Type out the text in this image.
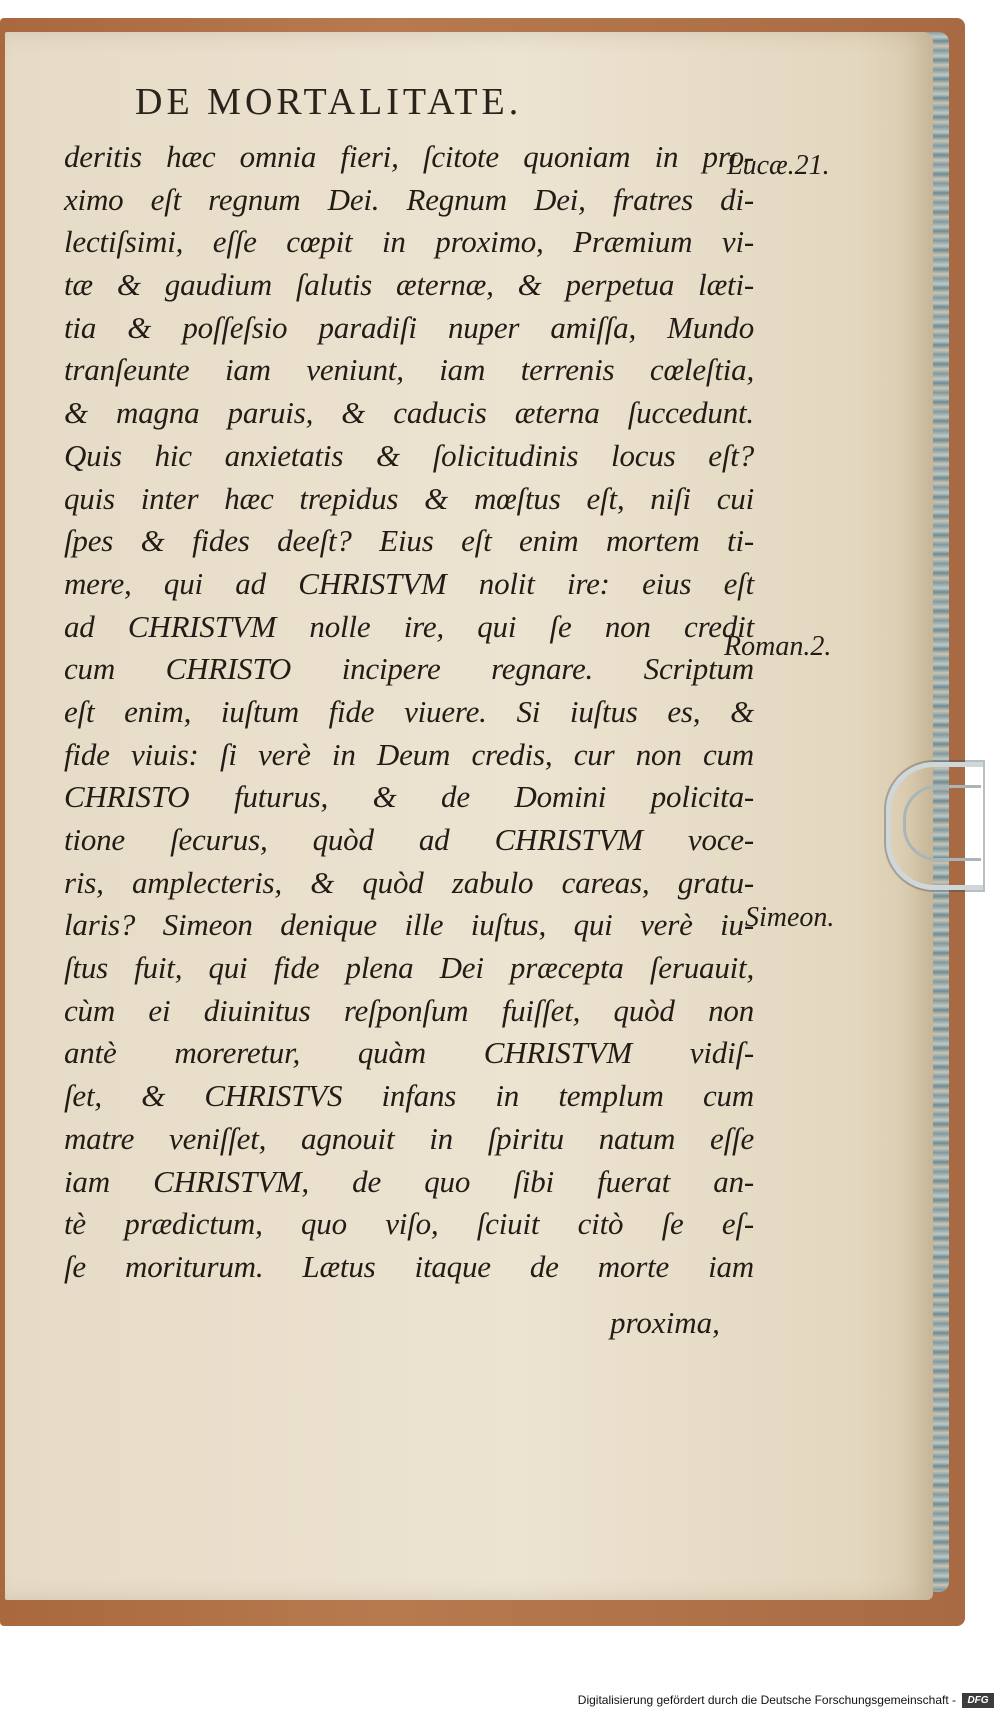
DE MORTALITATE.
deritis hæc omnia fieri, ſcitote quoniam in pro-
ximo eſt regnum Dei. Regnum Dei, fratres di-
lectiſsimi, eſſe cœpit in proximo, Præmium vi-
tæ & gaudium ſalutis æternæ, & perpetua læti-
tia & poſſeſsio paradiſi nuper amiſſa, Mundo
tranſeunte iam veniunt, iam terrenis cœleſtia,
& magna paruis, & caducis æterna ſuccedunt.
Quis hic anxietatis & ſolicitudinis locus eſt?
quis inter hæc trepidus & mœſtus eſt, niſi cui
ſpes & fides deeſt? Eius eſt enim mortem ti-
mere, qui ad CHRISTVM nolit ire: eius eſt
ad CHRISTVM nolle ire, qui ſe non credit
cum CHRISTO incipere regnare. Scriptum
eſt enim, iuſtum fide viuere. Si iuſtus es, &
fide viuis: ſi verè in Deum credis, cur non cum
CHRISTO futurus, & de Domini policita-
tione ſecurus, quòd ad CHRISTVM voce-
ris, amplecteris, & quòd zabulo careas, gratu-
laris? Simeon denique ille iuſtus, qui verè iu-
ſtus fuit, qui fide plena Dei præcepta ſeruauit,
cùm ei diuinitus reſponſum fuiſſet, quòd non
antè moreretur, quàm CHRISTVM vidiſ-
ſet, & CHRISTVS infans in templum cum
matre veniſſet, agnouit in ſpiritu natum eſſe
iam CHRISTVM, de quo ſibi fuerat an-
tè prædictum, quo viſo, ſciuit citò ſe eſ-
ſe moriturum. Lætus itaque de morte iam
proxima,
Lucæ.21.
Roman.2.
Simeon.
Digitalisierung gefördert durch die Deutsche Forschungsgemeinschaft -	DFG
